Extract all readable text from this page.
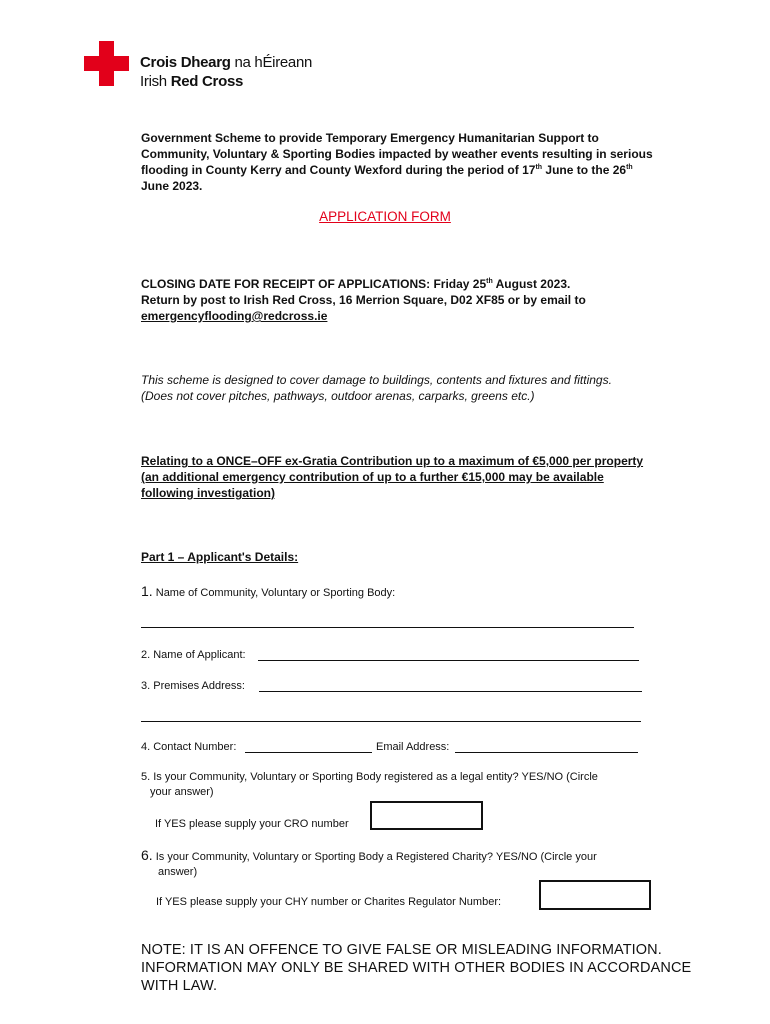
Crois Dhearg na hÉireann
Irish Red Cross
Government Scheme to provide Temporary Emergency Humanitarian Support to Community, Voluntary & Sporting Bodies impacted by weather events resulting in serious flooding in County Kerry and County Wexford during the period of 17th June to the 26th June 2023.
APPLICATION FORM
CLOSING DATE FOR RECEIPT OF APPLICATIONS: Friday 25th August 2023.
Return by post to Irish Red Cross, 16 Merrion Square, D02 XF85 or by email to
emergencyflooding@redcross.ie
This scheme is designed to cover damage to buildings, contents and fixtures and fittings. (Does not cover pitches, pathways, outdoor arenas, carparks, greens etc.)
Relating to a ONCE–OFF ex-Gratia Contribution up to a maximum of €5,000 per property (an additional emergency contribution of up to a further €15,000 may be available following investigation)
Part 1 – Applicant's Details:
1. Name of Community, Voluntary or Sporting Body:
2. Name of Applicant:
3. Premises Address:
4. Contact Number:	Email Address:
5. Is your Community, Voluntary or Sporting Body registered as a legal entity? YES/NO (Circle
your answer)
If YES please supply your CRO number
6. Is your Community, Voluntary or Sporting Body a Registered Charity? YES/NO (Circle your
answer)
If YES please supply your CHY number or Charites Regulator Number:
NOTE: IT IS AN OFFENCE TO GIVE FALSE OR MISLEADING INFORMATION. INFORMATION MAY ONLY BE SHARED WITH OTHER BODIES IN ACCORDANCE WITH LAW.
